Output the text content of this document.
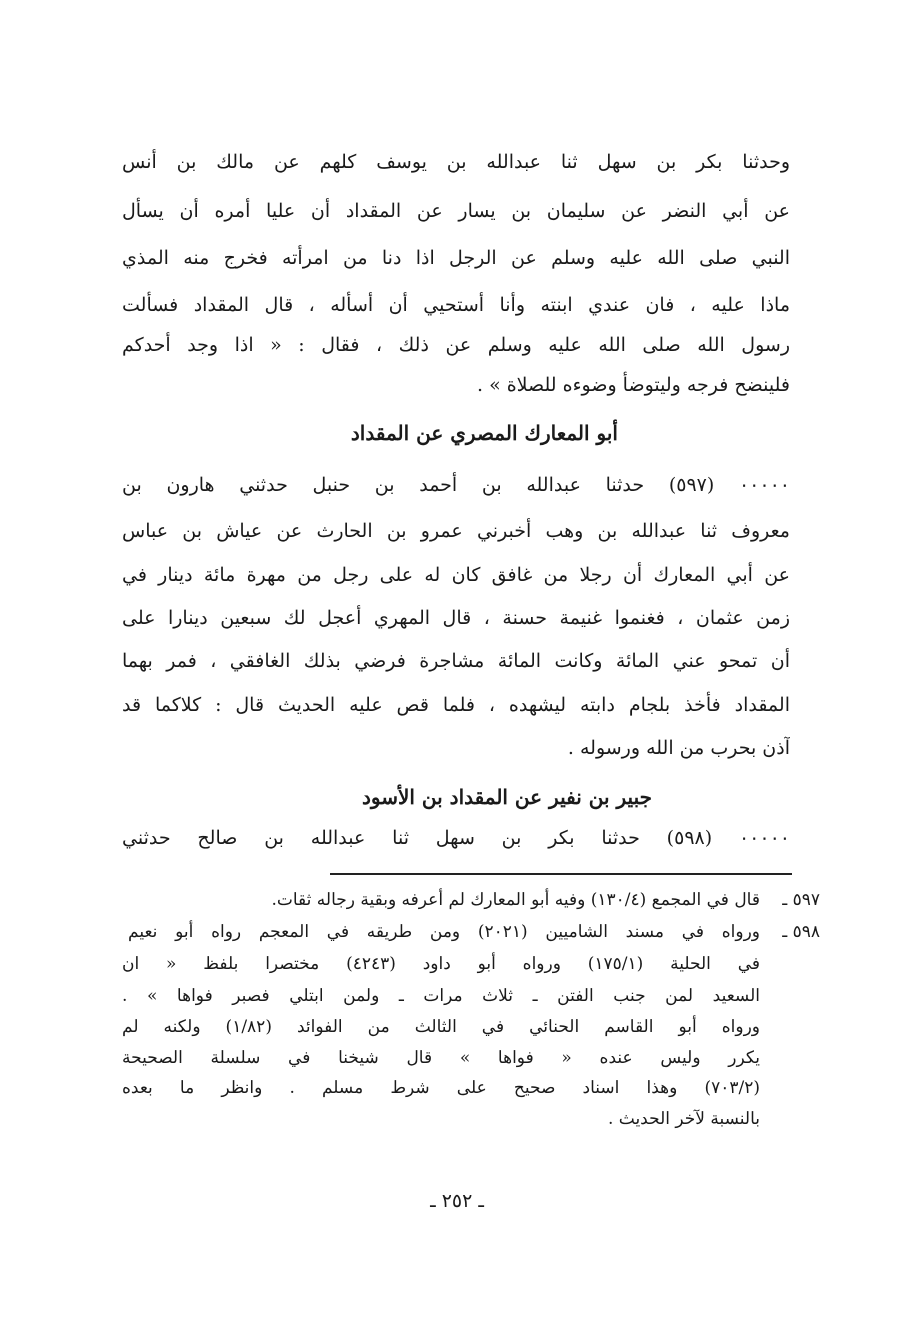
وحدثنا بكر بن سهل ثنا عبدالله بن يوسف كلهم عن مالك بن أنس
عن أبي النضر عن سليمان بن يسار عن المقداد أن عليا أمره أن يسأل
النبي صلى الله عليه وسلم عن الرجل اذا دنا من امرأته فخرج منه المذي
ماذا عليه ، فان عندي ابنته وأنا أستحيي أن أسأله ، قال المقداد فسألت
رسول الله صلى الله عليه وسلم عن ذلك ، فقال : « اذا وجد أحدكم
فلينضح فرجه وليتوضأ وضوءه للصلاة » .
أبو المعارك المصري عن المقداد
٠٠٠٠٠ (٥٩٧) حدثنا عبدالله بن أحمد بن حنبل حدثني هارون بن
معروف ثنا عبدالله بن وهب أخبرني عمرو بن الحارث عن عياش بن عباس
عن أبي المعارك أن رجلا من غافق كان له على رجل من مهرة مائة دينار في
زمن عثمان ، فغنموا غنيمة حسنة ، قال المهري أعجل لك سبعين دينارا على
أن تمحو عني المائة وكانت المائة مشاجرة فرضي بذلك الغافقي ، فمر بهما
المقداد فأخذ بلجام دابته ليشهده ، فلما قص عليه الحديث قال : كلاكما قد
آذن بحرب من الله ورسوله .
جبير بن نفير عن المقداد بن الأسود
٠٠٠٠٠ (٥٩٨) حدثنا بكر بن سهل ثنا عبدالله بن صالح حدثني
٥٩٧ ـقال في المجمع (١٣٠/٤) وفيه أبو المعارك لم أعرفه وبقية رجاله ثقات.
٥٩٨ ـورواه في مسند الشاميين (٢٠٢١) ومن طريقه في المعجم رواه أبو نعيم
في الحلية (١٧٥/١) ورواه أبو داود (٤٢٤٣) مختصرا بلفظ « ان
السعيد لمن جنب الفتن ـ ثلاث مرات ـ ولمن ابتلي فصبر فواها » .
ورواه أبو القاسم الحنائي في الثالث من الفوائد (١/٨٢) ولكنه لم
يكرر وليس عنده « فواها » قال شيخنا في سلسلة الصحيحة
(٧٠٣/٢) وهذا اسناد صحيح على شرط مسلم . وانظر ما بعده
بالنسبة لآخر الحديث .
ـ ٢٥٢ ـ
